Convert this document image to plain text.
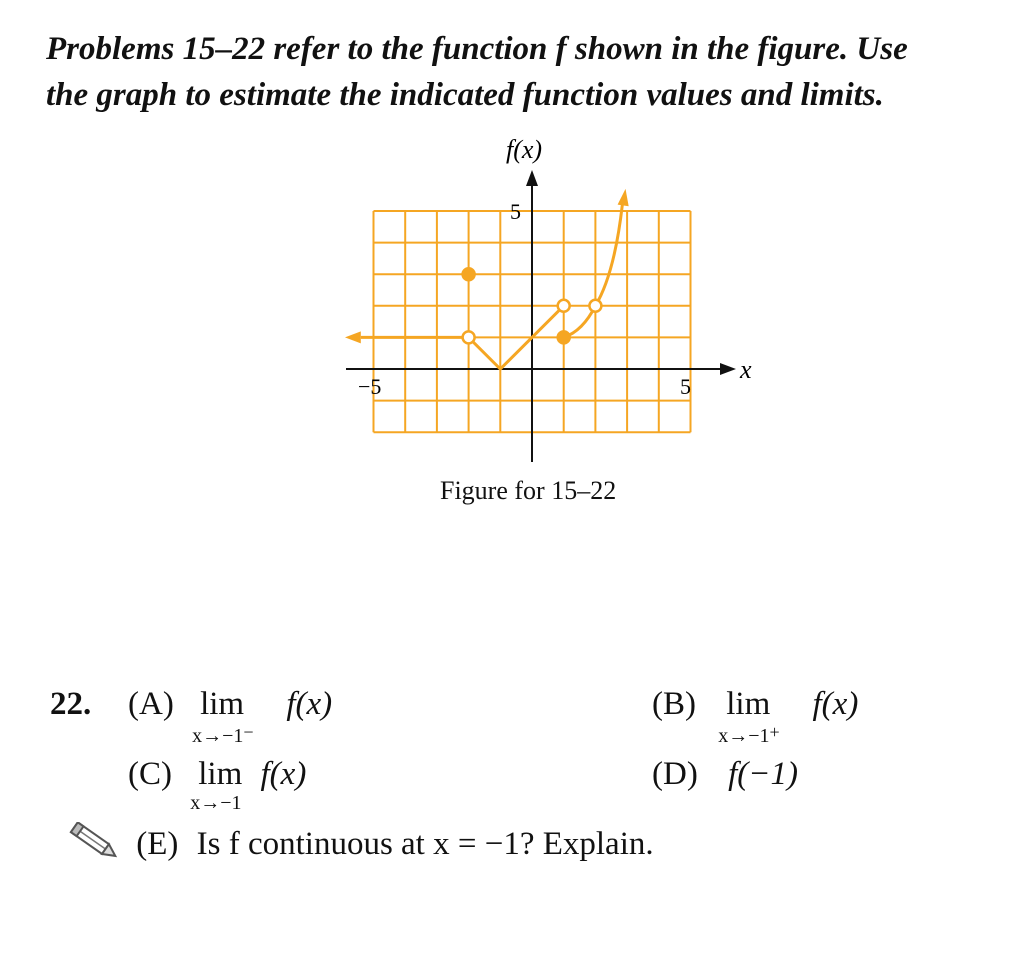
Problems 15–22 refer to the function f shown in the figure. Use

the graph to estimate the indicated function values and limits.

f(x)
x
5
−5	5
Figure for 15–22
22. (A) lim
x→−1−
f(x)	(B) lim
x→−1+
f(x)
(C) lim
x→−1
f(x)	(D) f(−1)
(E) Is f continuous at x = −1? Explain.
